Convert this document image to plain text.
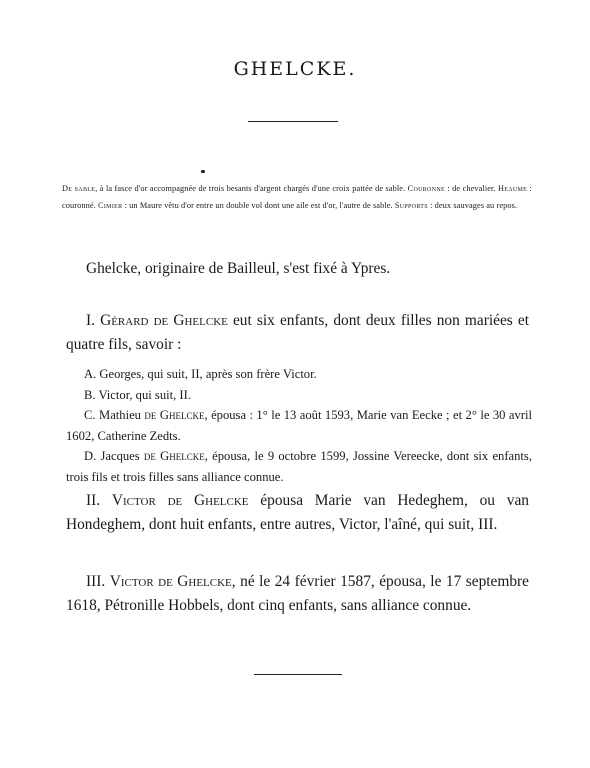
GHELCKE.
De sable, à la fasce d'or accompagnée de trois besants d'argent chargés d'une croix pattée de sable. Couronne : de chevalier. Heaume : couronné. Cimier : un Maure vêtu d'or entre un double vol dont une aile est d'or, l'autre de sable. Supports : deux sauvages au repos.
Ghelcke, originaire de Bailleul, s'est fixé à Ypres.
I. Gérard de Ghelcke eut six enfants, dont deux filles non mariées et quatre fils, savoir :
A. Georges, qui suit, II, après son frère Victor.
B. Victor, qui suit, II.
C. Mathieu de Ghelcke, épousa : 1° le 13 août 1593, Marie van Eecke ; et 2° le 30 avril 1602, Catherine Zedts.
D. Jacques de Ghelcke, épousa, le 9 octobre 1599, Jossine Vereecke, dont six enfants, trois fils et trois filles sans alliance connue.
II. Victor de Ghelcke épousa Marie van Hedeghem, ou van Hondeghem, dont huit enfants, entre autres, Victor, l'aîné, qui suit, III.
III. Victor de Ghelcke, né le 24 février 1587, épousa, le 17 septembre 1618, Pétronille Hobbels, dont cinq enfants, sans alliance connue.
